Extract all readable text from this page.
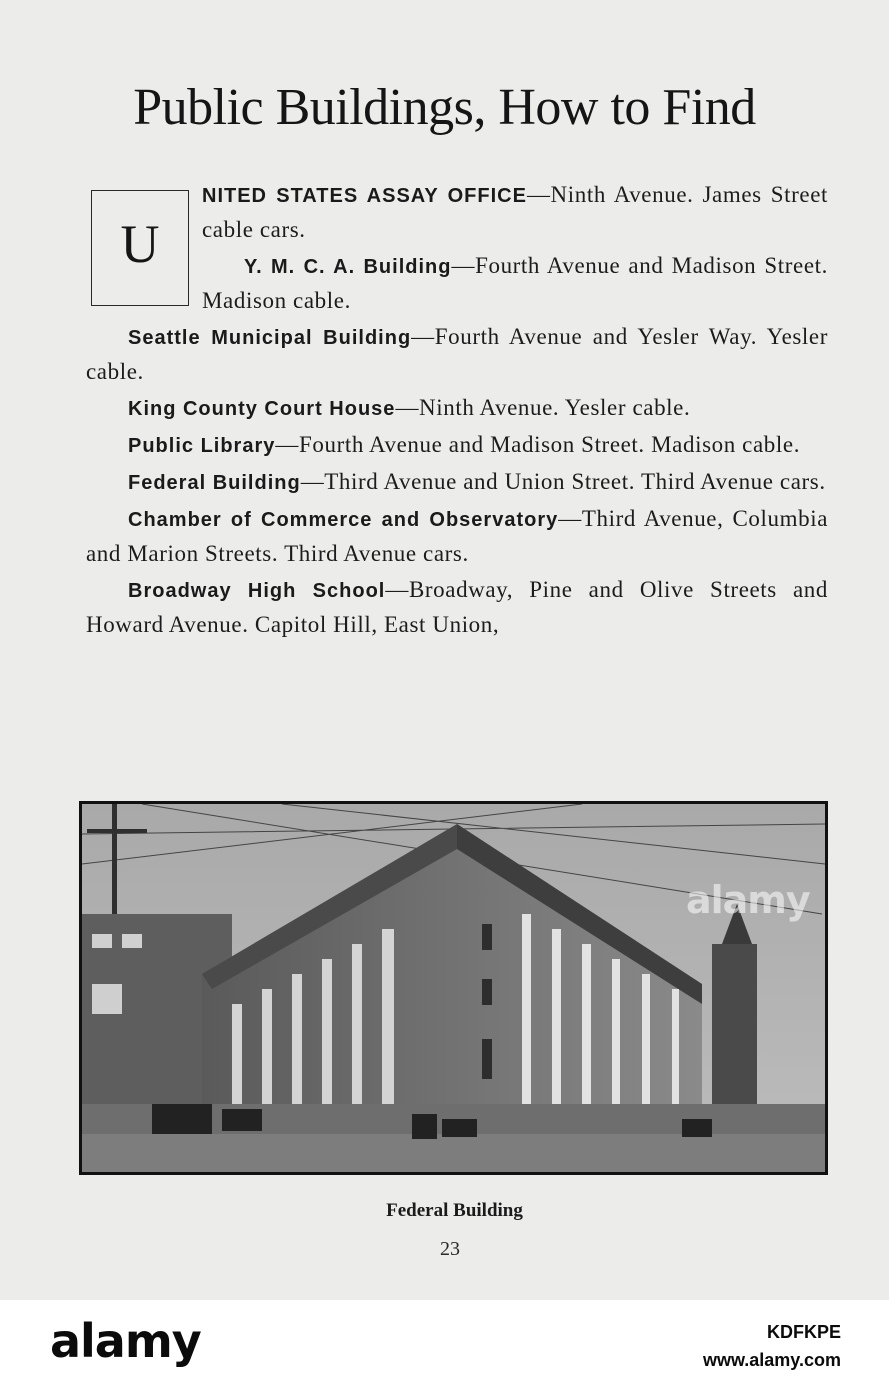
Public Buildings, How to Find
U

NITED STATES ASSAY OFFICE—Ninth Avenue. James Street cable cars.

Y. M. C. A. Building—Fourth Avenue and Madison Street. Madison cable.

Seattle Municipal Building—Fourth Avenue and Yesler Way. Yesler cable.

King County Court House—Ninth Avenue. Yesler cable.

Public Library—Fourth Avenue and Madison Street. Madison cable.

Federal Building—Third Avenue and Union Street. Third Avenue cars.

Chamber of Commerce and Observatory—Third Avenue, Columbia and Marion Streets. Third Avenue cars.

Broadway High School—Broadway, Pine and Olive Streets and Howard Avenue. Capitol Hill, East Union,

alamy
Federal Building
23
alamy	KDFKPE
www.alamy.com
